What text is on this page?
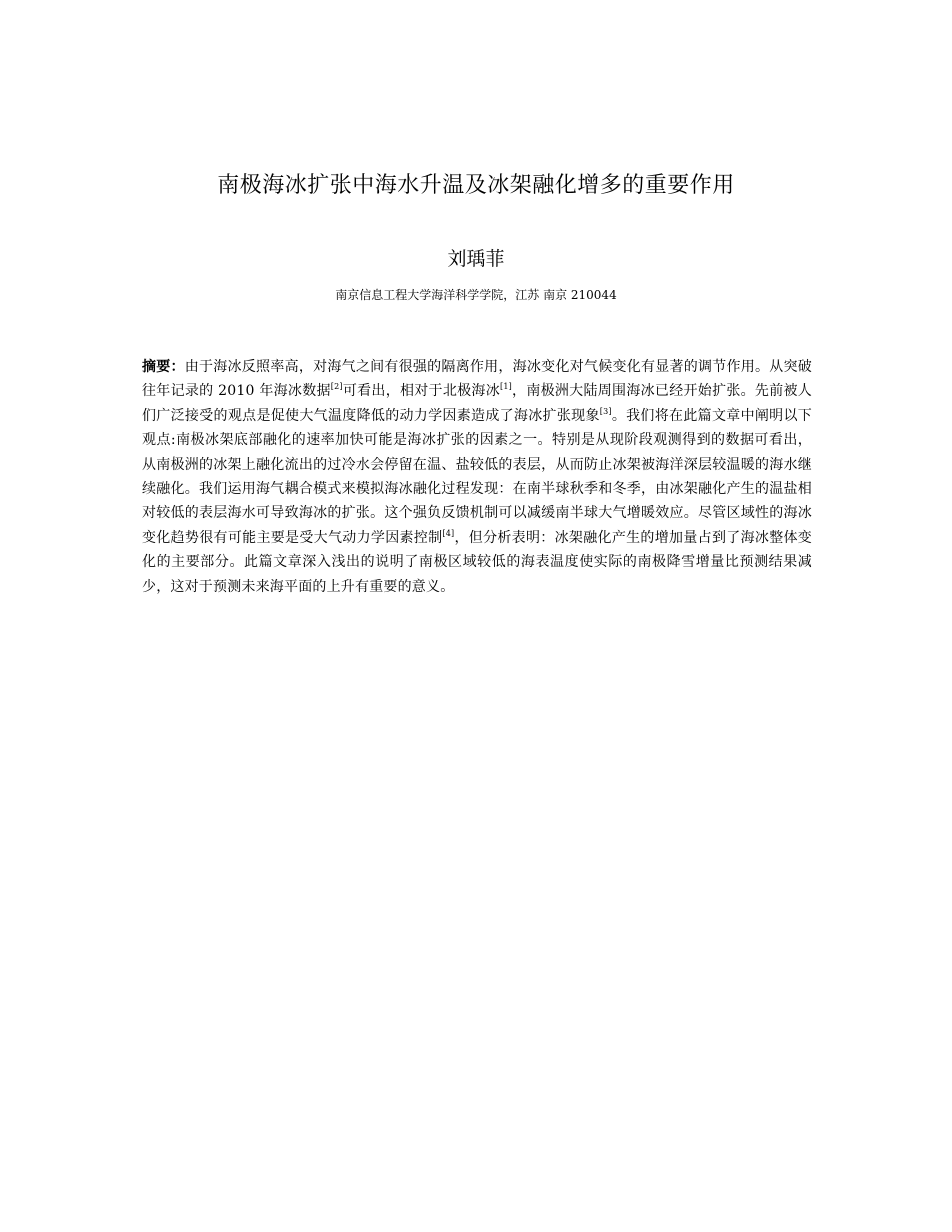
南极海冰扩张中海水升温及冰架融化增多的重要作用
刘瑀菲
南京信息工程大学海洋科学学院，江苏 南京 210044
摘要：由于海冰反照率高，对海气之间有很强的隔离作用，海冰变化对气候变化有显著的调节作用。从突破往年记录的 2010 年海冰数据[2]可看出，相对于北极海冰[1]，南极洲大陆周围海冰已经开始扩张。先前被人们广泛接受的观点是促使大气温度降低的动力学因素造成了海冰扩张现象[3]。我们将在此篇文章中阐明以下观点:南极冰架底部融化的速率加快可能是海冰扩张的因素之一。特别是从现阶段观测得到的数据可看出，从南极洲的冰架上融化流出的过冷水会停留在温、盐较低的表层，从而防止冰架被海洋深层较温暖的海水继续融化。我们运用海气耦合模式来模拟海冰融化过程发现：在南半球秋季和冬季，由冰架融化产生的温盐相对较低的表层海水可导致海冰的扩张。这个强负反馈机制可以减缓南半球大气增暖效应。尽管区域性的海冰变化趋势很有可能主要是受大气动力学因素控制[4]，但分析表明：冰架融化产生的增加量占到了海冰整体变化的主要部分。此篇文章深入浅出的说明了南极区域较低的海表温度使实际的南极降雪增量比预测结果减少，这对于预测未来海平面的上升有重要的意义。
